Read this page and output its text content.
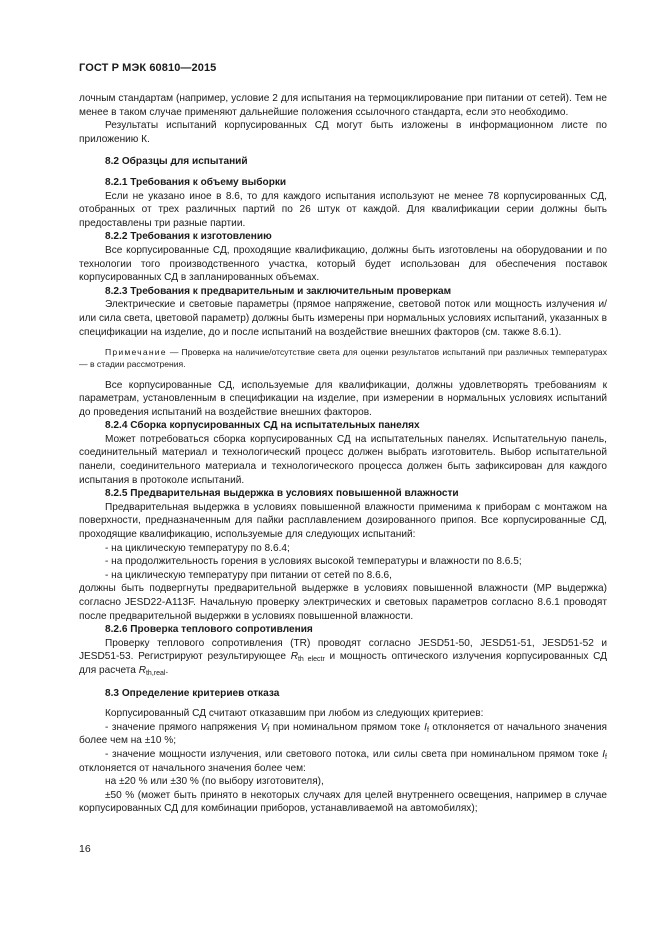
ГОСТ Р МЭК 60810—2015

лочным стандартам (например, условие 2 для испытания на термоциклирование при питании от сетей). Тем не менее в таком случае применяют дальнейшие положения ссылочного стандарта, если это необходимо.

Результаты испытаний корпусированных СД могут быть изложены в информационном листе по приложению К.

8.2 Образцы для испытаний

8.2.1 Требования к объему выборки

Если не указано иное в 8.6, то для каждого испытания используют не менее 78 корпусированных СД, отобранных от трех различных партий по 26 штук от каждой. Для квалификации серии должны быть предоставлены три разные партии.

8.2.2 Требования к изготовлению

Все корпусированные СД, проходящие квалификацию, должны быть изготовлены на оборудовании и по технологии того производственного участка, который будет использован для обеспечения поставок корпусированных СД в запланированных объемах.

8.2.3 Требования к предварительным и заключительным проверкам

Электрические и световые параметры (прямое напряжение, световой поток или мощность излучения и/или сила света, цветовой параметр) должны быть измерены при нормальных условиях испытаний, указанных в спецификации на изделие, до и после испытаний на воздействие внешних факторов (см. также 8.6.1).

Примечание — Проверка на наличие/отсутствие света для оценки результатов испытаний при различных температурах — в стадии рассмотрения.

Все корпусированные СД, используемые для квалификации, должны удовлетворять требованиям к параметрам, установленным в спецификации на изделие, при измерении в нормальных условиях испытаний до проведения испытаний на воздействие внешних факторов.

8.2.4 Сборка корпусированных СД на испытательных панелях

Может потребоваться сборка корпусированных СД на испытательных панелях. Испытательную панель, соединительный материал и технологический процесс должен выбрать изготовитель. Выбор испытательной панели, соединительного материала и технологического процесса должен быть зафиксирован для каждого испытания в протоколе испытаний.

8.2.5 Предварительная выдержка в условиях повышенной влажности

Предварительная выдержка в условиях повышенной влажности применима к приборам с монтажом на поверхности, предназначенным для пайки расплавлением дозированного припоя. Все корпусированные СД, проходящие квалификацию, используемые для следующих испытаний:

- на циклическую температуру по 8.6.4;

- на продолжительность горения в условиях высокой температуры и влажности по 8.6.5;

- на циклическую температуру при питании от сетей по 8.6.6,

должны быть подвергнуты предварительной выдержке в условиях повышенной влажности (MP выдержка) согласно JESD22-A113F. Начальную проверку электрических и световых параметров согласно 8.6.1 проводят после предварительной выдержки в условиях повышенной влажности.

8.2.6 Проверка теплового сопротивления

Проверку теплового сопротивления (TR) проводят согласно JESD51-50, JESD51-51, JESD51-52 и JESD51-53. Регистрируют результирующее $R_{th electr}$ и мощность оптического излучения корпусированных СД для расчета $R_{th,real}$.

8.3 Определение критериев отказа

Корпусированный СД считают отказавшим при любом из следующих критериев:

- значение прямого напряжения $V_f$ при номинальном прямом токе $I_f$ отклоняется от начального значения более чем на ±10 %;

- значение мощности излучения, или светового потока, или силы света при номинальном прямом токе $I_f$ отклоняется от начального значения более чем:

на ±20 % или ±30 % (по выбору изготовителя),

±50 % (может быть принято в некоторых случаях для целей внутреннего освещения, например в случае корпусированных СД для комбинации приборов, устанавливаемой на автомобилях);

16
